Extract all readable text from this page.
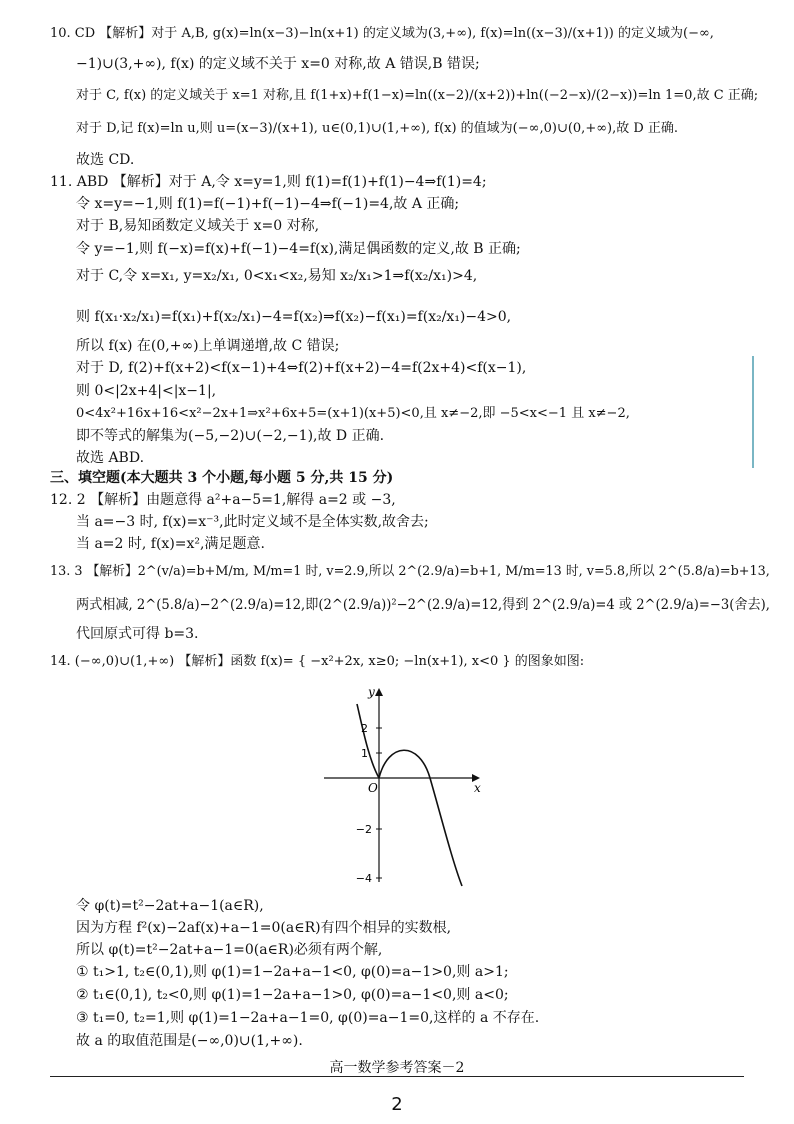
10. CD 【解析】对于 A,B, g(x)=ln(x−3)−ln(x+1) 的定义域为(3,+∞), f(x)=ln((x−3)/(x+1)) 的定义域为(−∞,
−1)∪(3,+∞), f(x) 的定义域不关于 x=0 对称,故 A 错误,B 错误;
对于 C, f(x) 的定义域关于 x=1 对称,且 f(1+x)+f(1−x)=ln((x−2)/(x+2))+ln((−2−x)/(2−x))=ln 1=0,故 C 正确;
对于 D,记 f(x)=ln u,则 u=(x−3)/(x+1), u∈(0,1)∪(1,+∞), f(x) 的值域为(−∞,0)∪(0,+∞),故 D 正确.
故选 CD.
11. ABD 【解析】对于 A,令 x=y=1,则 f(1)=f(1)+f(1)−4⇒f(1)=4;
令 x=y=−1,则 f(1)=f(−1)+f(−1)−4⇒f(−1)=4,故 A 正确;
对于 B,易知函数定义域关于 x=0 对称,
令 y=−1,则 f(−x)=f(x)+f(−1)−4=f(x),满足偶函数的定义,故 B 正确;
对于 C,令 x=x₁, y=x₂/x₁, 0<x₁<x₂,易知 x₂/x₁>1⇒f(x₂/x₁)>4,
则 f(x₁·x₂/x₁)=f(x₁)+f(x₂/x₁)−4=f(x₂)⇒f(x₂)−f(x₁)=f(x₂/x₁)−4>0,
所以 f(x) 在(0,+∞)上单调递增,故 C 错误;
对于 D, f(2)+f(x+2)<f(x−1)+4⇔f(2)+f(x+2)−4=f(2x+4)<f(x−1),
则 0<|2x+4|<|x−1|,
0<4x²+16x+16<x²−2x+1⇒x²+6x+5=(x+1)(x+5)<0,且 x≠−2,即 −5<x<−1 且 x≠−2,
即不等式的解集为(−5,−2)∪(−2,−1),故 D 正确.
故选 ABD.
三、填空题(本大题共 3 个小题,每小题 5 分,共 15 分)
12. 2 【解析】由题意得 a²+a−5=1,解得 a=2 或 −3,
当 a=−3 时, f(x)=x⁻³,此时定义域不是全体实数,故舍去;
当 a=2 时, f(x)=x²,满足题意.
13. 3 【解析】2^(v/a)=b+M/m, M/m=1 时, v=2.9,所以 2^(2.9/a)=b+1, M/m=13 时, v=5.8,所以 2^(5.8/a)=b+13,
两式相减, 2^(5.8/a)−2^(2.9/a)=12,即(2^(2.9/a))²−2^(2.9/a)=12,得到 2^(2.9/a)=4 或 2^(2.9/a)=−3(舍去),
代回原式可得 b=3.
14. (−∞,0)∪(1,+∞) 【解析】函数 f(x)= { −x²+2x, x≥0; −ln(x+1), x<0 } 的图象如图:
令 φ(t)=t²−2at+a−1(a∈R),
因为方程 f²(x)−2af(x)+a−1=0(a∈R)有四个相异的实数根,
所以 φ(t)=t²−2at+a−1=0(a∈R)必须有两个解,
① t₁>1, t₂∈(0,1),则 φ(1)=1−2a+a−1<0, φ(0)=a−1>0,则 a>1;
② t₁∈(0,1), t₂<0,则 φ(1)=1−2a+a−1>0, φ(0)=a−1<0,则 a<0;
③ t₁=0, t₂=1,则 φ(1)=1−2a+a−1=0, φ(0)=a−1=0,这样的 a 不存在.
故 a 的取值范围是(−∞,0)∪(1,+∞).
y
x
O
2
1
−2
−4
高一数学参考答案－2
2
